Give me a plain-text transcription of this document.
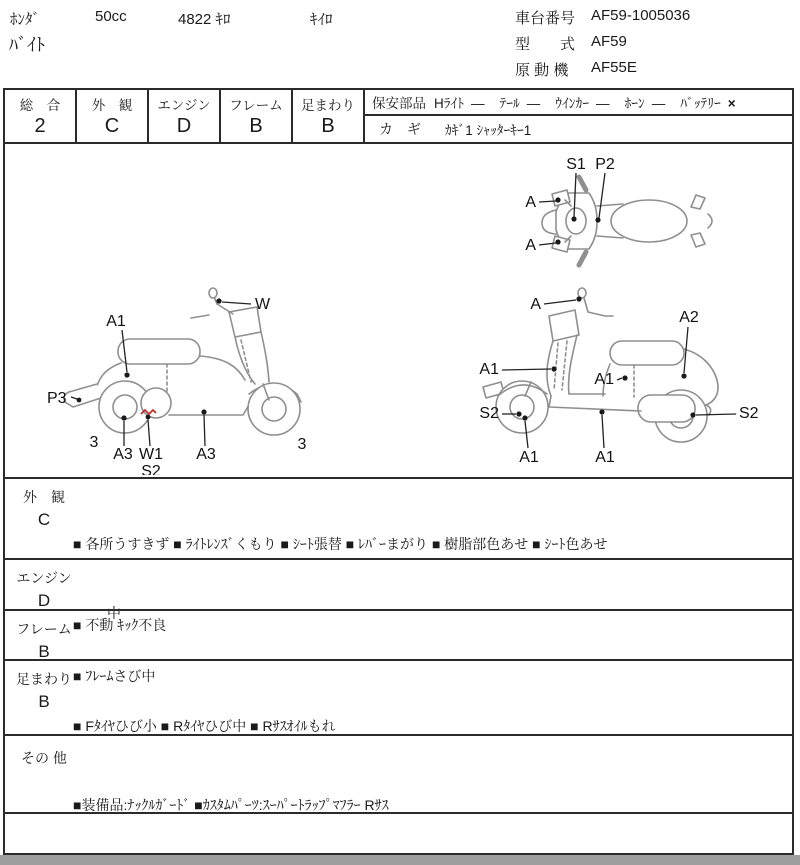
ﾎﾝﾀﾞ	50cc	4822 ｷﾛ	ｷｲﾛ
ﾊﾞｲﾄ
車台番号	AF59-1005036
型　　式	AF59
原 動 機	AF55E
総　合
2
外　観
C
エンジン
D
フレーム
B
足まわり
B
保安部品 Hﾗｲﾄ ― ﾃｰﾙ ― ｳｲﾝｶｰ ― ﾎｰﾝ ― ﾊﾞｯﾃﾘｰ ×
カ　ギ ｶｷﾞ1 ｼｬｯﾀｰｷｰ1
S1 P2
A
A
W
A1
P3
3
A3 W1
S2
A3
3
A
A2
A1
A1
S2	S2
A1	A1
外　観
C

■ 各所うすきず ■ ﾗｲﾄﾚﾝｽﾞくもり ■ ｼｰﾄ張替 ■ ﾚﾊﾞｰまがり ■ 樹脂部色あせ ■ ｼｰﾄ色あせ

中

エンジン
D

■ 不動 ｷｯｸ不良

フレーム
B

■ ﾌﾚｰﾑさび中

足まわり
B

■ Fﾀｲﾔひび小 ■ Rﾀｲﾔひび中 ■ Rｻｽｵｲﾙもれ

その 他

■装備品:ﾅｯｸﾙｶﾞｰﾄﾞ ■ｶｽﾀﾑﾊﾟｰﾂ:ｽｰﾊﾟｰﾄﾗｯﾌﾟﾏﾌﾗｰ Rｻｽ
